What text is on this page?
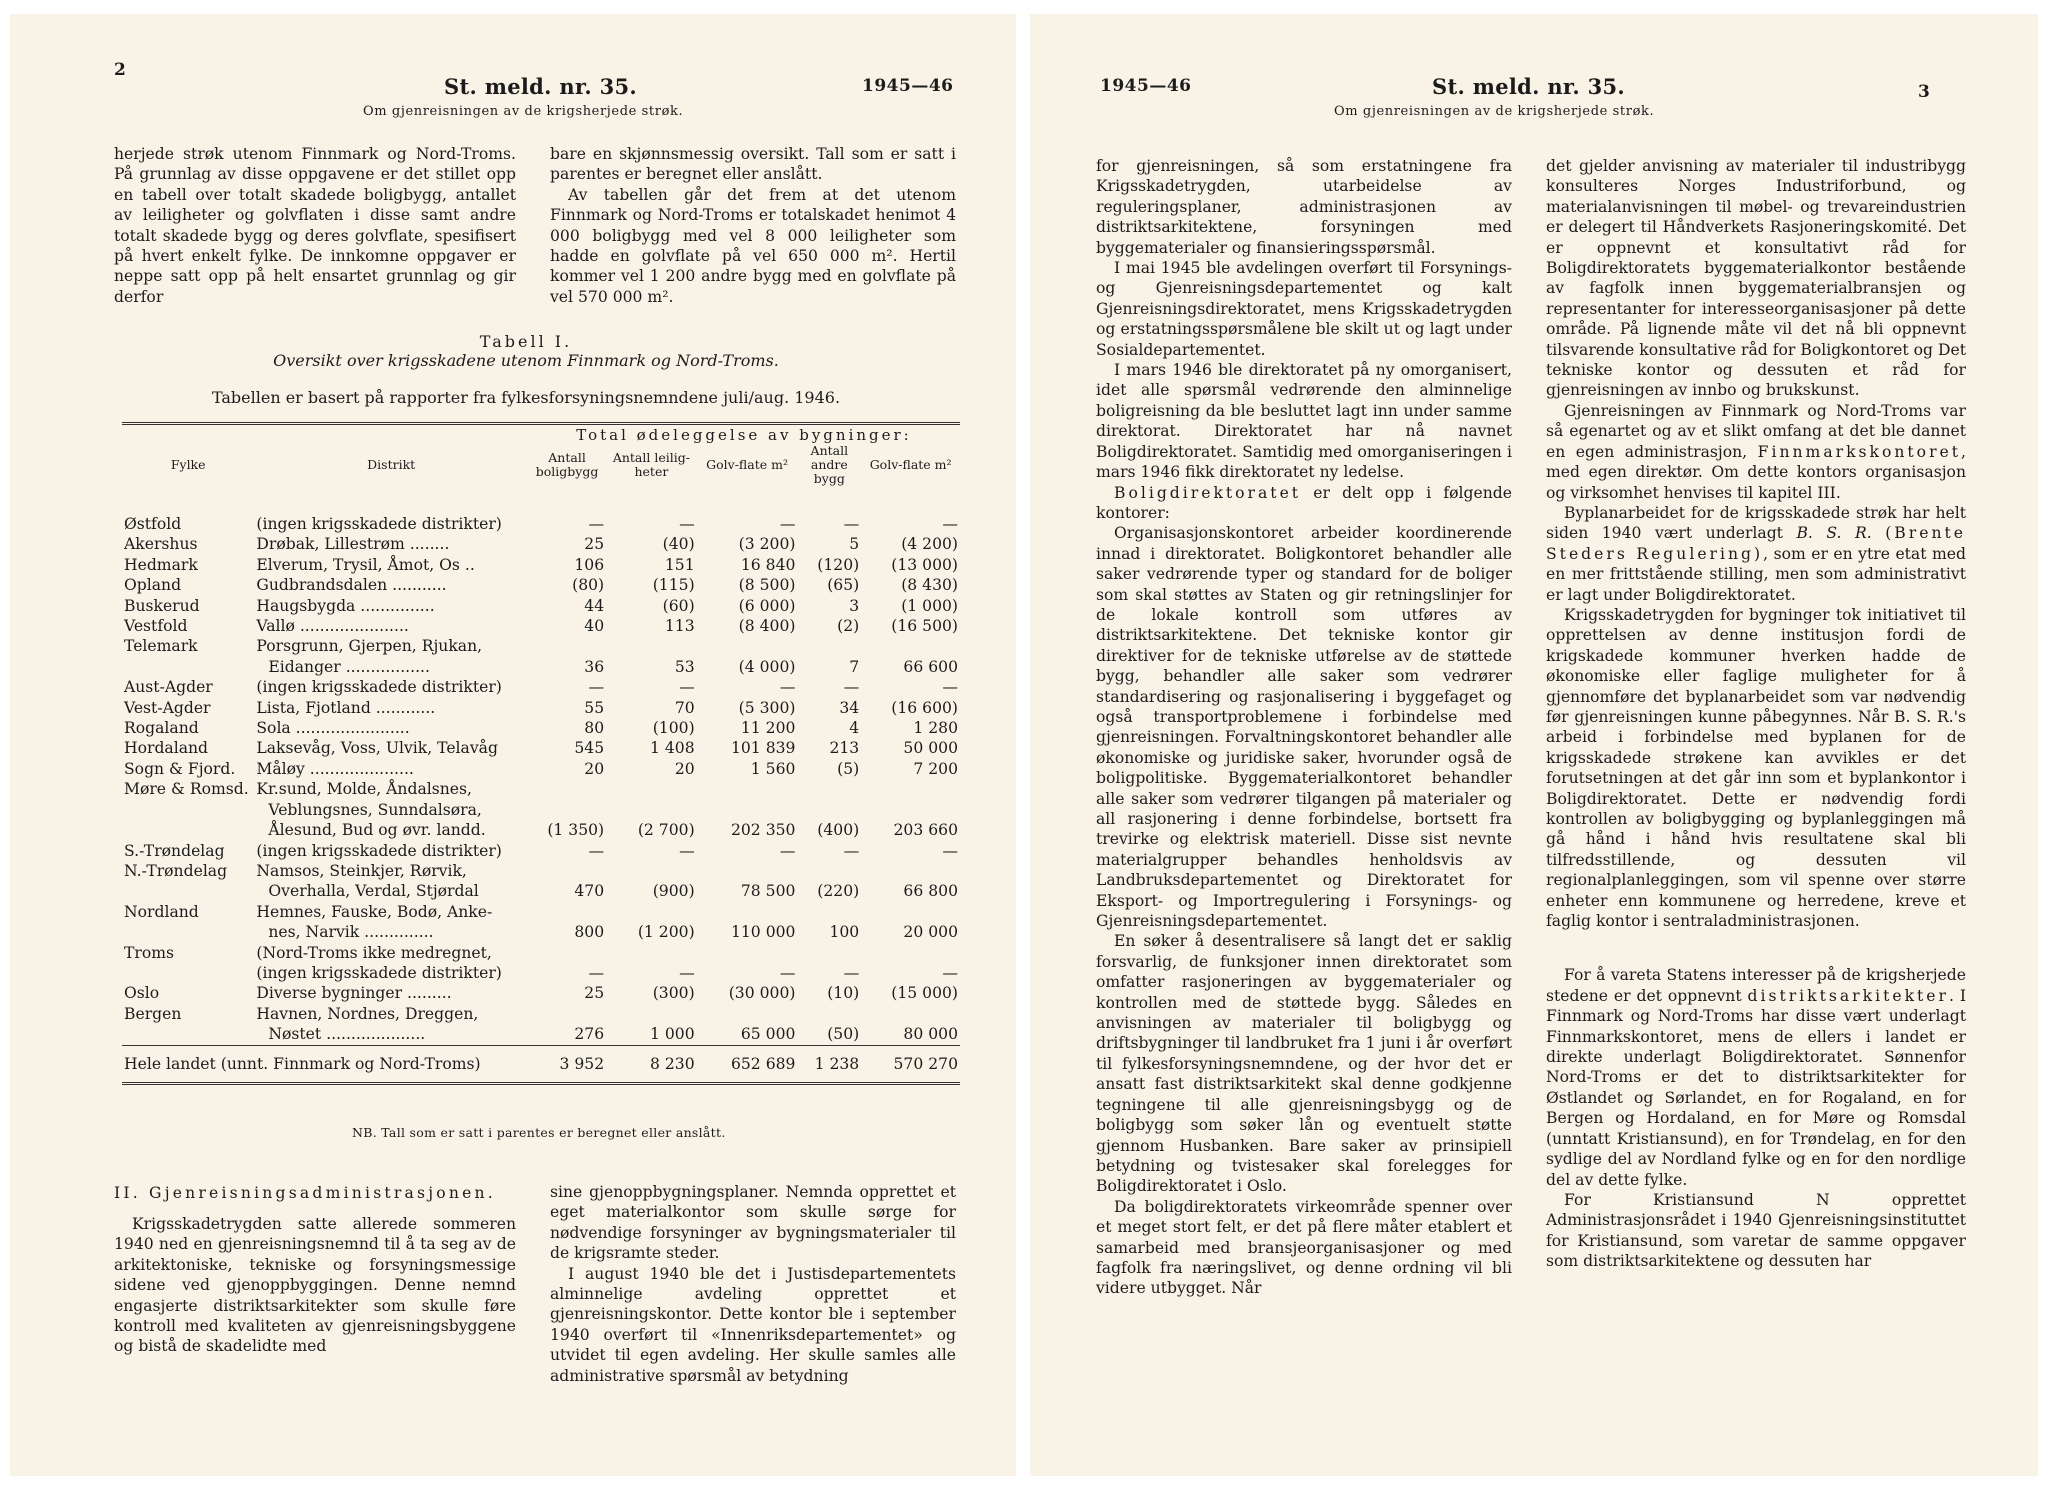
2
St. meld. nr. 35.	1945—46
Om gjenreisningen av de krigsherjede strøk.

herjede strøk utenom Finnmark og Nord-Troms. På grunnlag av disse oppgavene er det stillet opp en tabell over totalt skadede boligbygg, antallet av leiligheter og golvflaten i disse samt andre totalt skadede bygg og deres golvflate, spesifisert på hvert enkelt fylke. De innkomne oppgaver er neppe satt opp på helt ensartet grunnlag og gir derfor

bare en skjønnsmessig oversikt. Tall som er satt i parentes er beregnet eller anslått.

Av tabellen går det frem at det utenom Finnmark og Nord-Troms er totalskadet henimot 4 000 boligbygg med vel 8 000 leiligheter som hadde en golvflate på vel 650 000 m². Hertil kommer vel 1 200 andre bygg med en golvflate på vel 570 000 m².

Tabell I.
Oversikt over krigsskadene utenom Finnmark og Nord-Troms.
Tabellen er basert på rapporter fra fylkesforsyningsnemndene juli/aug. 1946.
		Total ødeleggelse av bygninger:				
Fylke	Distrikt	Antall boligbygg	Antall leilig-heter	Golv-flate m²	Antall andre bygg	Golv-flate m²
Østfold	(ingen krigsskadede distrikter)	—	—	—	—	—
Akershus	Drøbak, Lillestrøm ........	25	(40)	(3 200)	5	(4 200)
Hedmark	Elverum, Trysil, Åmot, Os ..	106	151	16 840	(120)	(13 000)
Opland	Gudbrandsdalen ...........	(80)	(115)	(8 500)	(65)	(8 430)
Buskerud	Haugsbygda ...............	44	(60)	(6 000)	3	(1 000)
Vestfold	Vallø ......................	40	113	(8 400)	(2)	(16 500)
Telemark	Porsgrunn, Gjerpen, Rjukan,					
	Eidanger .................	36	53	(4 000)	7	66 600
Aust-Agder	(ingen krigsskadede distrikter)	—	—	—	—	—
Vest-Agder	Lista, Fjotland ............	55	70	(5 300)	34	(16 600)
Rogaland	Sola .......................	80	(100)	11 200	4	1 280
Hordaland	Laksevåg, Voss, Ulvik, Telavåg	545	1 408	101 839	213	50 000
Sogn & Fjord.	Måløy .....................	20	20	1 560	(5)	7 200
Møre & Romsd.	Kr.sund, Molde, Åndalsnes,					
	Veblungsnes, Sunndalsøra,					
	Ålesund, Bud og øvr. landd.	(1 350)	(2 700)	202 350	(400)	203 660
S.-Trøndelag	(ingen krigsskadede distrikter)	—	—	—	—	—
N.-Trøndelag	Namsos, Steinkjer, Rørvik,					
	Overhalla, Verdal, Stjørdal	470	(900)	78 500	(220)	66 800
Nordland	Hemnes, Fauske, Bodø, Anke-					
	nes, Narvik ..............	800	(1 200)	110 000	100	20 000
Troms	(Nord-Troms ikke medregnet,					
	(ingen krigsskadede distrikter)	—	—	—	—	—
Oslo	Diverse bygninger .........	25	(300)	(30 000)	(10)	(15 000)
Bergen	Havnen, Nordnes, Dreggen,					
	Nøstet ....................	276	1 000	65 000	(50)	80 000
Hele landet (unnt. Finnmark og Nord-Troms)		3 952	8 230	652 689	1 238	570 270
NB. Tall som er satt i parentes er beregnet eller anslått.
II. Gjenreisningsadministrasjonen.

Krigsskadetrygden satte allerede sommeren 1940 ned en gjenreisningsnemnd til å ta seg av de arkitektoniske, tekniske og forsyningsmessige sidene ved gjenoppbyggingen. Denne nemnd engasjerte distriktsarkitekter som skulle føre kontroll med kvaliteten av gjenreisningsbyggene og bistå de skadelidte med

sine gjenoppbygningsplaner. Nemnda opprettet et eget materialkontor som skulle sørge for nødvendige forsyninger av bygningsmaterialer til de krigsramte steder.

I august 1940 ble det i Justisdepartementets alminnelige avdeling opprettet et gjenreisningskontor. Dette kontor ble i september 1940 overført til «Innenriksdepartementet» og utvidet til egen avdeling. Her skulle samles alle administrative spørsmål av betydning

1945—46	St. meld. nr. 35.	3
Om gjenreisningen av de krigsherjede strøk.

for gjenreisningen, så som erstatningene fra Krigsskadetrygden, utarbeidelse av reguleringsplaner, administrasjonen av distriktsarkitektene, forsyningen med byggematerialer og finansieringsspørsmål.

I mai 1945 ble avdelingen overført til Forsynings- og Gjenreisningsdepartementet og kalt Gjenreisningsdirektoratet, mens Krigsskadetrygden og erstatningsspørsmålene ble skilt ut og lagt under Sosialdepartementet.

I mars 1946 ble direktoratet på ny omorganisert, idet alle spørsmål vedrørende den alminnelige boligreisning da ble besluttet lagt inn under samme direktorat. Direktoratet har nå navnet Boligdirektoratet. Samtidig med omorganiseringen i mars 1946 fikk direktoratet ny ledelse.

Boligdirektoratet er delt opp i følgende kontorer:

Organisasjonskontoret arbeider koordinerende innad i direktoratet. Boligkontoret behandler alle saker vedrørende typer og standard for de boliger som skal støttes av Staten og gir retningslinjer for de lokale kontroll som utføres av distriktsarkitektene. Det tekniske kontor gir direktiver for de tekniske utførelse av de støttede bygg, behandler alle saker som vedrører standardisering og rasjonalisering i byggefaget og også transportproblemene i forbindelse med gjenreisningen. Forvaltningskontoret behandler alle økonomiske og juridiske saker, hvorunder også de boligpolitiske. Byggematerialkontoret behandler alle saker som vedrører tilgangen på materialer og all rasjonering i denne forbindelse, bortsett fra trevirke og elektrisk materiell. Disse sist nevnte materialgrupper behandles henholdsvis av Landbruksdepartementet og Direktoratet for Eksport- og Importregulering i Forsynings- og Gjenreisningsdepartementet.

En søker å desentralisere så langt det er saklig forsvarlig, de funksjoner innen direktoratet som omfatter rasjoneringen av byggematerialer og kontrollen med de støttede bygg. Således en anvisningen av materialer til boligbygg og driftsbygninger til landbruket fra 1 juni i år overført til fylkesforsyningsnemndene, og der hvor det er ansatt fast distriktsarkitekt skal denne godkjenne tegningene til alle gjenreisningsbygg og de boligbygg som søker lån og eventuelt støtte gjennom Husbanken. Bare saker av prinsipiell betydning og tvistesaker skal forelegges for Boligdirektoratet i Oslo.

Da boligdirektoratets virkeområde spenner over et meget stort felt, er det på flere måter etablert et samarbeid med bransjeorganisasjoner og med fagfolk fra næringslivet, og denne ordning vil bli videre utbygget. Når

det gjelder anvisning av materialer til industribygg konsulteres Norges Industriforbund, og materialanvisningen til møbel- og trevareindustrien er delegert til Håndverkets Rasjoneringskomité. Det er oppnevnt et konsultativt råd for Boligdirektoratets byggematerialkontor bestående av fagfolk innen byggematerialbransjen og representanter for interesseorganisasjoner på dette område. På lignende måte vil det nå bli oppnevnt tilsvarende konsultative råd for Boligkontoret og Det tekniske kontor og dessuten et råd for gjenreisningen av innbo og brukskunst.

Gjenreisningen av Finnmark og Nord-Troms var så egenartet og av et slikt omfang at det ble dannet en egen administrasjon, Finnmarkskontoret, med egen direktør. Om dette kontors organisasjon og virksomhet henvises til kapitel III.

Byplanarbeidet for de krigsskadede strøk har helt siden 1940 vært underlagt B. S. R. (Brente Steders Regulering), som er en ytre etat med en mer frittstående stilling, men som administrativt er lagt under Boligdirektoratet.

Krigsskadetrygden for bygninger tok initiativet til opprettelsen av denne institusjon fordi de krigskadede kommuner hverken hadde de økonomiske eller faglige muligheter for å gjennomføre det byplanarbeidet som var nødvendig før gjenreisningen kunne påbegynnes. Når B. S. R.'s arbeid i forbindelse med byplanen for de krigsskadede strøkene kan avvikles er det forutsetningen at det går inn som et byplankontor i Boligdirektoratet. Dette er nødvendig fordi kontrollen av boligbygging og byplanleggingen må gå hånd i hånd hvis resultatene skal bli tilfredsstillende, og dessuten vil regionalplanleggingen, som vil spenne over større enheter enn kommunene og herredene, kreve et faglig kontor i sentraladministrasjonen.

For å vareta Statens interesser på de krigsherjede stedene er det oppnevnt distriktsarkitekter. I Finnmark og Nord-Troms har disse vært underlagt Finnmarkskontoret, mens de ellers i landet er direkte underlagt Boligdirektoratet. Sønnenfor Nord-Troms er det to distriktsarkitekter for Østlandet og Sørlandet, en for Rogaland, en for Bergen og Hordaland, en for Møre og Romsdal (unntatt Kristiansund), en for Trøndelag, en for den sydlige del av Nordland fylke og en for den nordlige del av dette fylke.

For Kristiansund N opprettet Administrasjonsrådet i 1940 Gjenreisningsinstituttet for Kristiansund, som varetar de samme oppgaver som distriktsarkitektene og dessuten har
